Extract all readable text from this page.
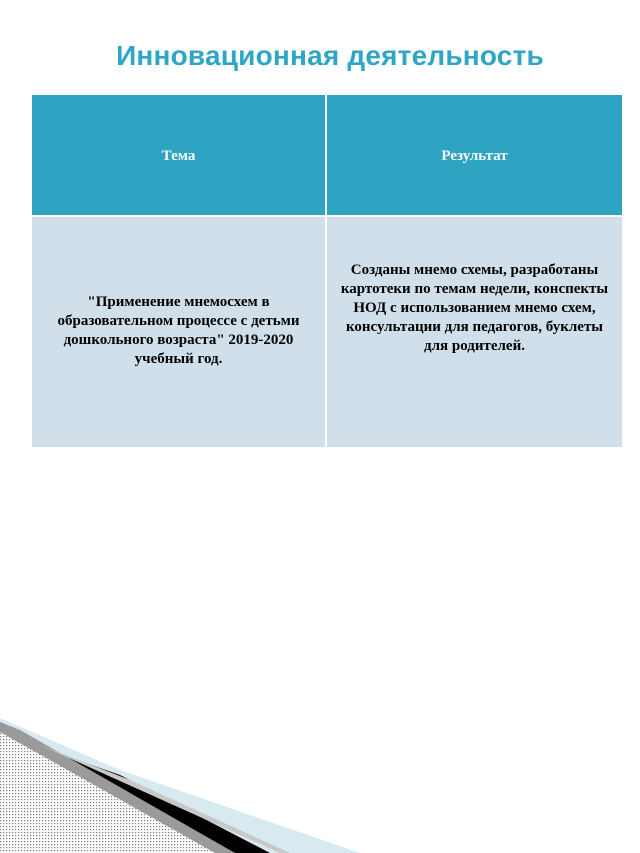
Инновационная деятельность
Тема	Результат
"Применение мнемосхем в образовательном процессе с детьми дошкольного возраста" 2019-2020 учебный год.
Созданы мнемо схемы, разработаны картотеки по темам недели, конспекты НОД с использованием мнемо схем, консультации для педагогов, буклеты для родителей.
